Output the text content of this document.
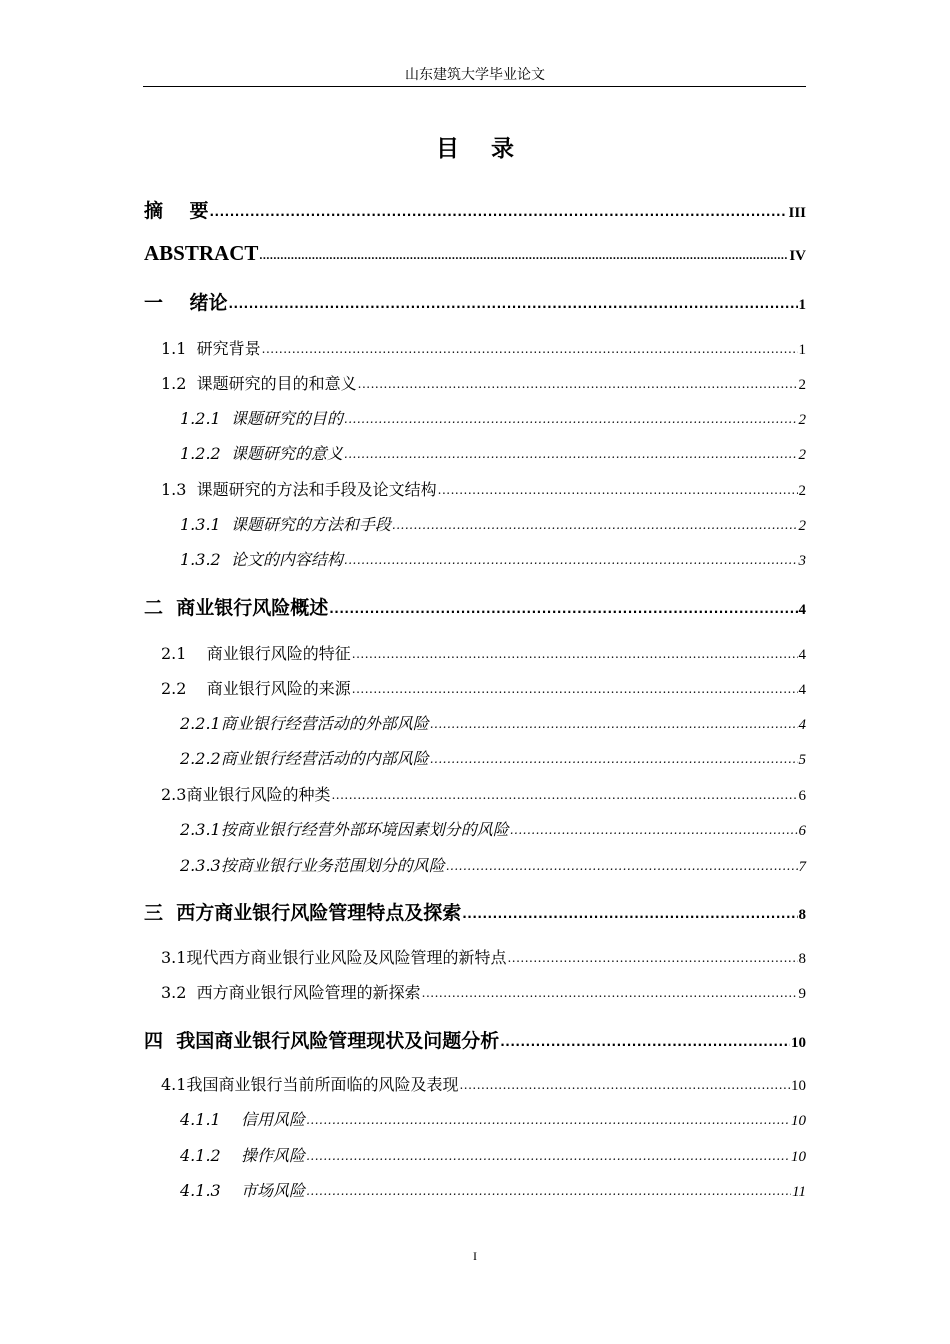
山东建筑大学毕业论文
目 录
摘    要 .....	III
ABSTRACT .....	IV
一    绪论 .....	1
1.1  研究背景 .....	1
1.2  课题研究的目的和意义 .....	2
1.2.1  课题研究的目的 .....	2
1.2.2  课题研究的意义 .....	2
1.3  课题研究的方法和手段及论文结构 .....	2
1.3.1  课题研究的方法和手段 .....	2
1.3.2  论文的内容结构 .....	3
二  商业银行风险概述 .....	4
2.1    商业银行风险的特征 .....	4
2.2    商业银行风险的来源 .....	4
2.2.1商业银行经营活动的外部风险 .....	4
2.2.2商业银行经营活动的内部风险 .....	5
2.3商业银行风险的种类 .....	6
2.3.1按商业银行经营外部环境因素划分的风险 .....	6
2.3.3按商业银行业务范围划分的风险 .....	7
三  西方商业银行风险管理特点及探索 .....	8
3.1现代西方商业银行业风险及风险管理的新特点 .....	8
3.2  西方商业银行风险管理的新探索 .....	9
四  我国商业银行风险管理现状及问题分析 .....	10
4.1我国商业银行当前所面临的风险及表现 .....	10
4.1.1    信用风险 .....	10
4.1.2    操作风险 .....	10
4.1.3    市场风险 .....	11
I
